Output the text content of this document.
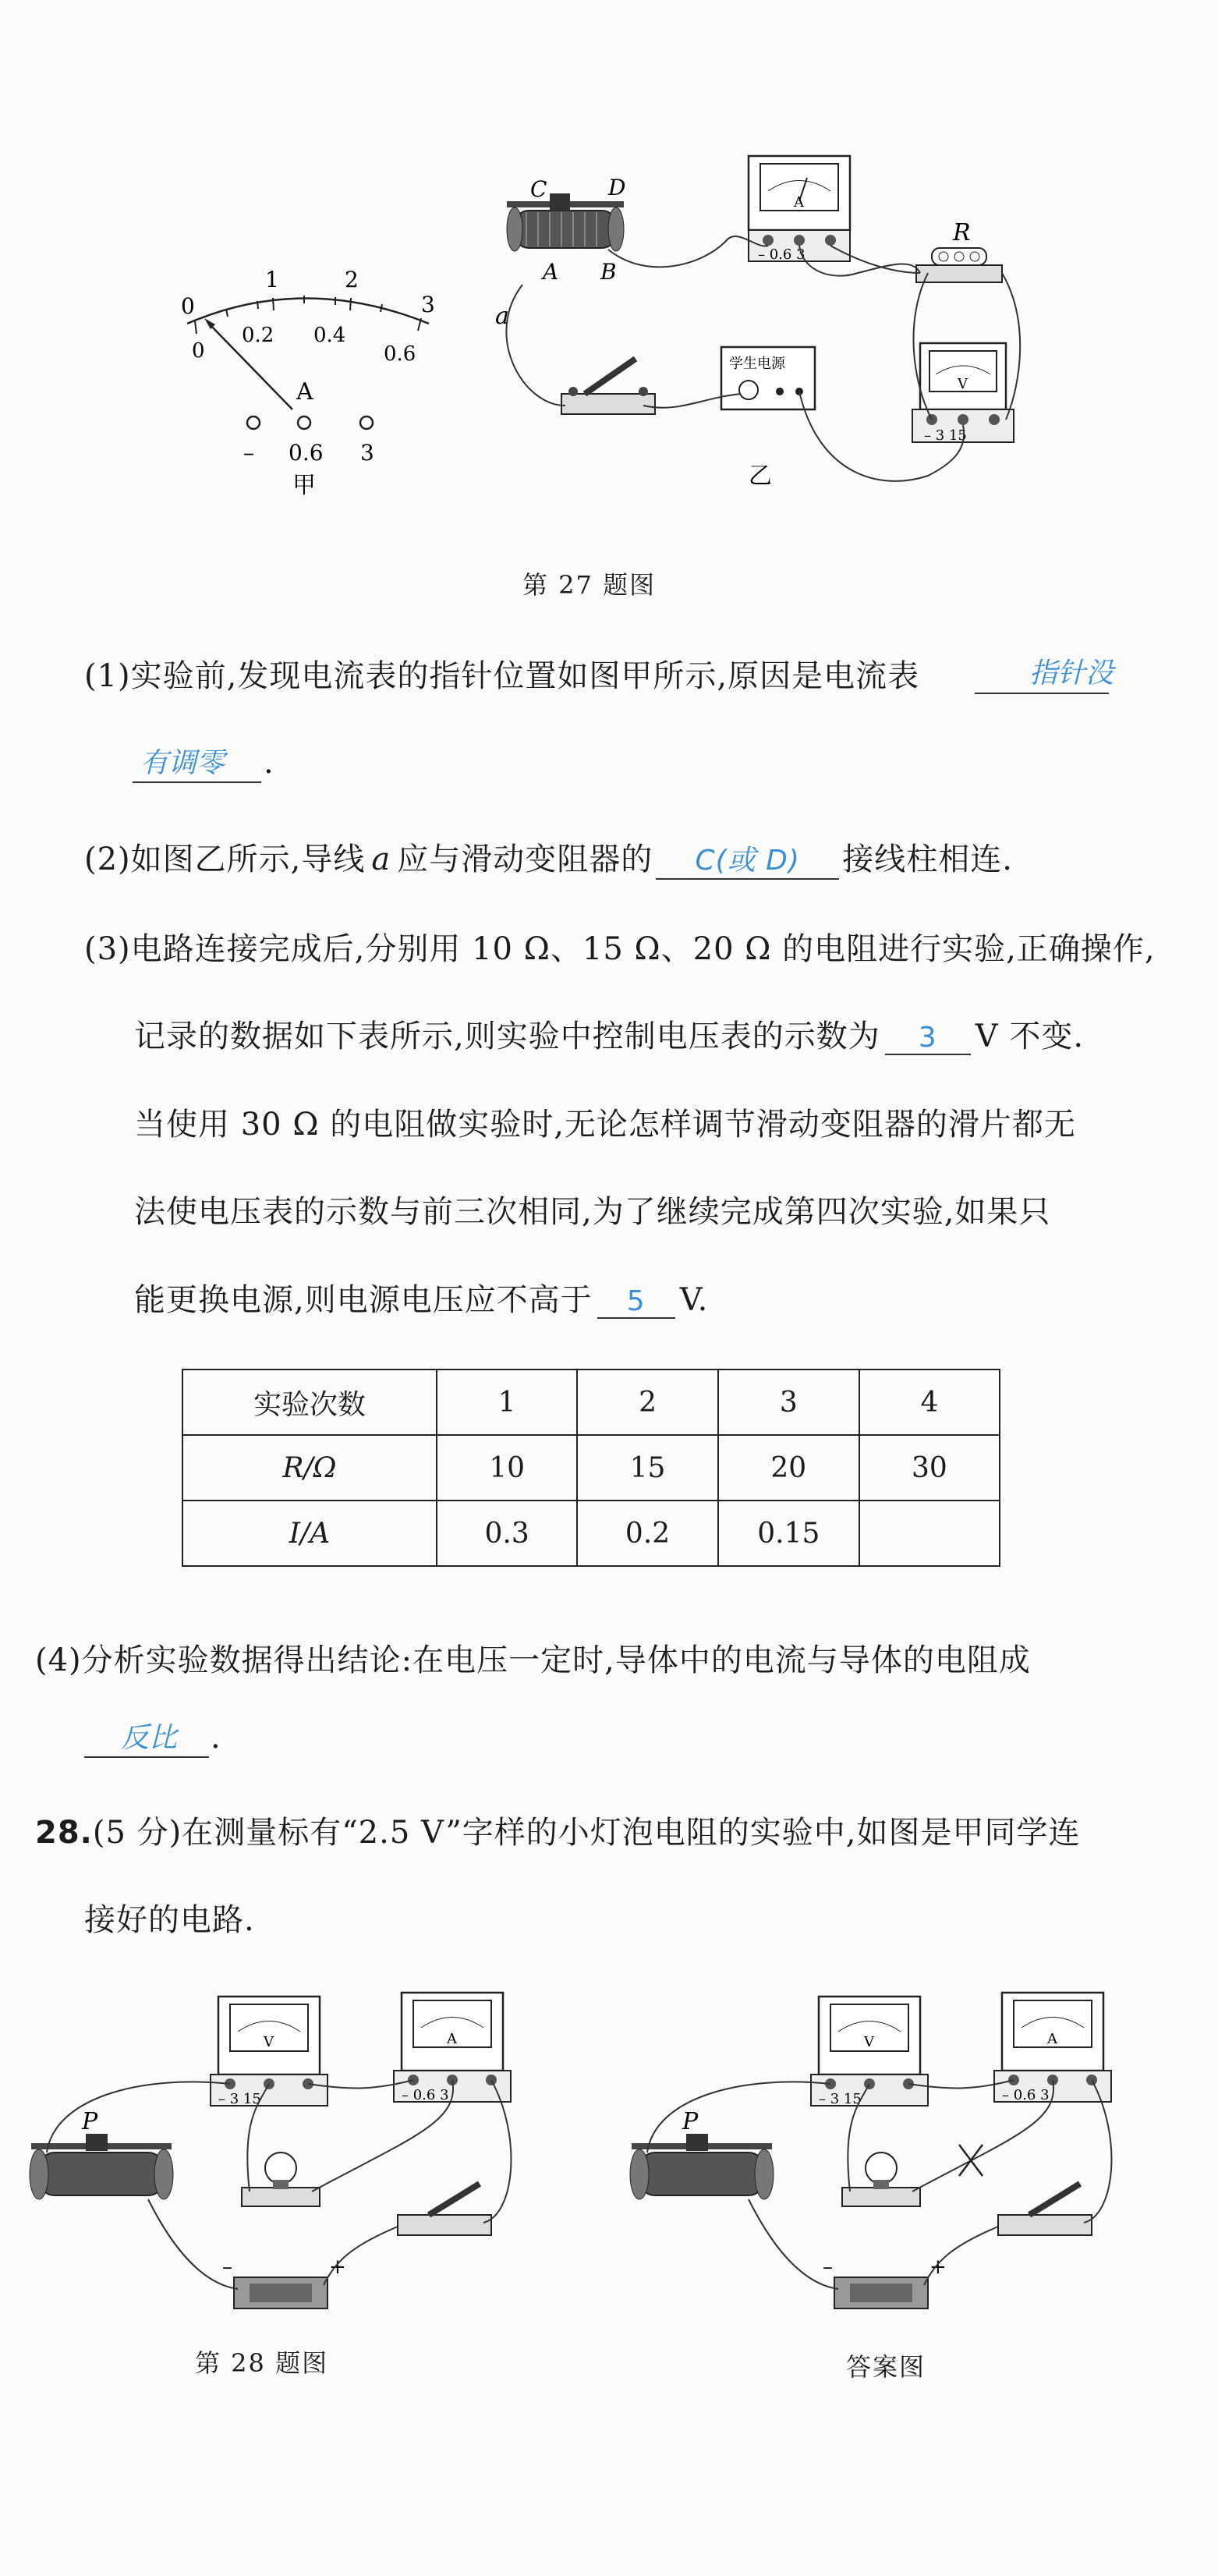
0
1	2
3
0
0.2 0.4
0.6
A
– 0.6 3
甲
C	D
A B
A
– 0.6 3
R
V
– 3 15
学生电源
a
乙
第 27 题图
(1)实验前,发现电流表的指针位置如图甲所示,原因是电流表	指针没
有调零 .
(2)如图乙所示,导线 a 应与滑动变阻器的 C(或 D) 接线柱相连.
(3)电路连接完成后,分别用 10 Ω、15 Ω、20 Ω 的电阻进行实验,正确操作,
记录的数据如下表所示,则实验中控制电压表的示数为 3 V 不变.
当使用 30 Ω 的电阻做实验时,无论怎样调节滑动变阻器的滑片都无
法使电压表的示数与前三次相同,为了继续完成第四次实验,如果只
能更换电源,则电源电压应不高于 5 V.
实验次数	1	2	3	4
R/Ω	10	15	20	30
I/A	0.3	0.2	0.15	
(4)分析实验数据得出结论:在电压一定时,导体中的电流与导体的电阻成
反比 .
28.(5 分)在测量标有“2.5 V”字样的小灯泡电阻的实验中,如图是甲同学连
接好的电路.
V
– 3 15
A
– 0.6 3
P
–	+
第 28 题图
V
– 3 15
A
– 0.6 3
P
–	+
答案图
